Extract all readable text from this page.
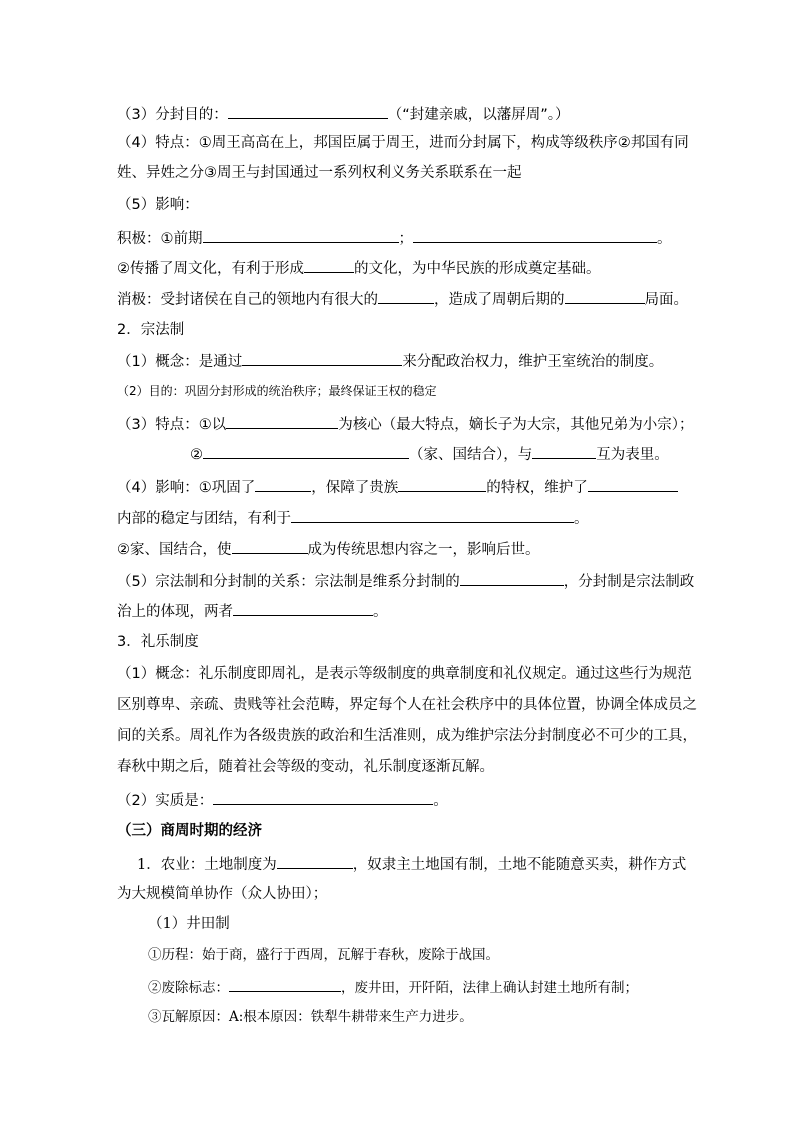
（3）分封目的：	（“封建亲戚，以藩屏周”。）
（4）特点：①周王高高在上，邦国臣属于周王，进而分封属下，构成等级秩序②邦国有同
姓、异姓之分③周王与封国通过一系列权利义务关系联系在一起
（5）影响：
积极：①前期	；	。
②传播了周文化，有利于形成	的文化，为中华民族的形成奠定基础。
消极：受封诸侯在自己的领地内有很大的	，造成了周朝后期的	局面。
2．宗法制
（1）概念：是通过	来分配政治权力，维护王室统治的制度。
（2）目的：巩固分封形成的统治秩序；最终保证王权的稳定
（3）特点：①以	为核心（最大特点，嫡长子为大宗，其他兄弟为小宗）；
②	（家、国结合），与	互为表里。
（4）影响：①巩固了	，保障了贵族	的特权，维护了
内部的稳定与团结，有利于	。
②家、国结合，使	成为传统思想内容之一，影响后世。
（5）宗法制和分封制的关系：宗法制是维系分封制的	，分封制是宗法制政
治上的体现，两者	。
3．礼乐制度
（1）概念：礼乐制度即周礼，是表示等级制度的典章制度和礼仪规定。通过这些行为规范
区别尊卑、亲疏、贵贱等社会范畴，界定每个人在社会秩序中的具体位置，协调全体成员之
间的关系。周礼作为各级贵族的政治和生活准则，成为维护宗法分封制度必不可少的工具，
春秋中期之后，随着社会等级的变动，礼乐制度逐渐瓦解。
（2）实质是：	。
（三）商周时期的经济
1．农业：土地制度为	，奴隶主土地国有制，土地不能随意买卖，耕作方式
为大规模简单协作（众人协田）；
（1）井田制
①历程：始于商，盛行于西周，瓦解于春秋，废除于战国。
②废除标志：	，废井田，开阡陌，法律上确认封建土地所有制；
③瓦解原因：A:根本原因：铁犁牛耕带来生产力进步。
